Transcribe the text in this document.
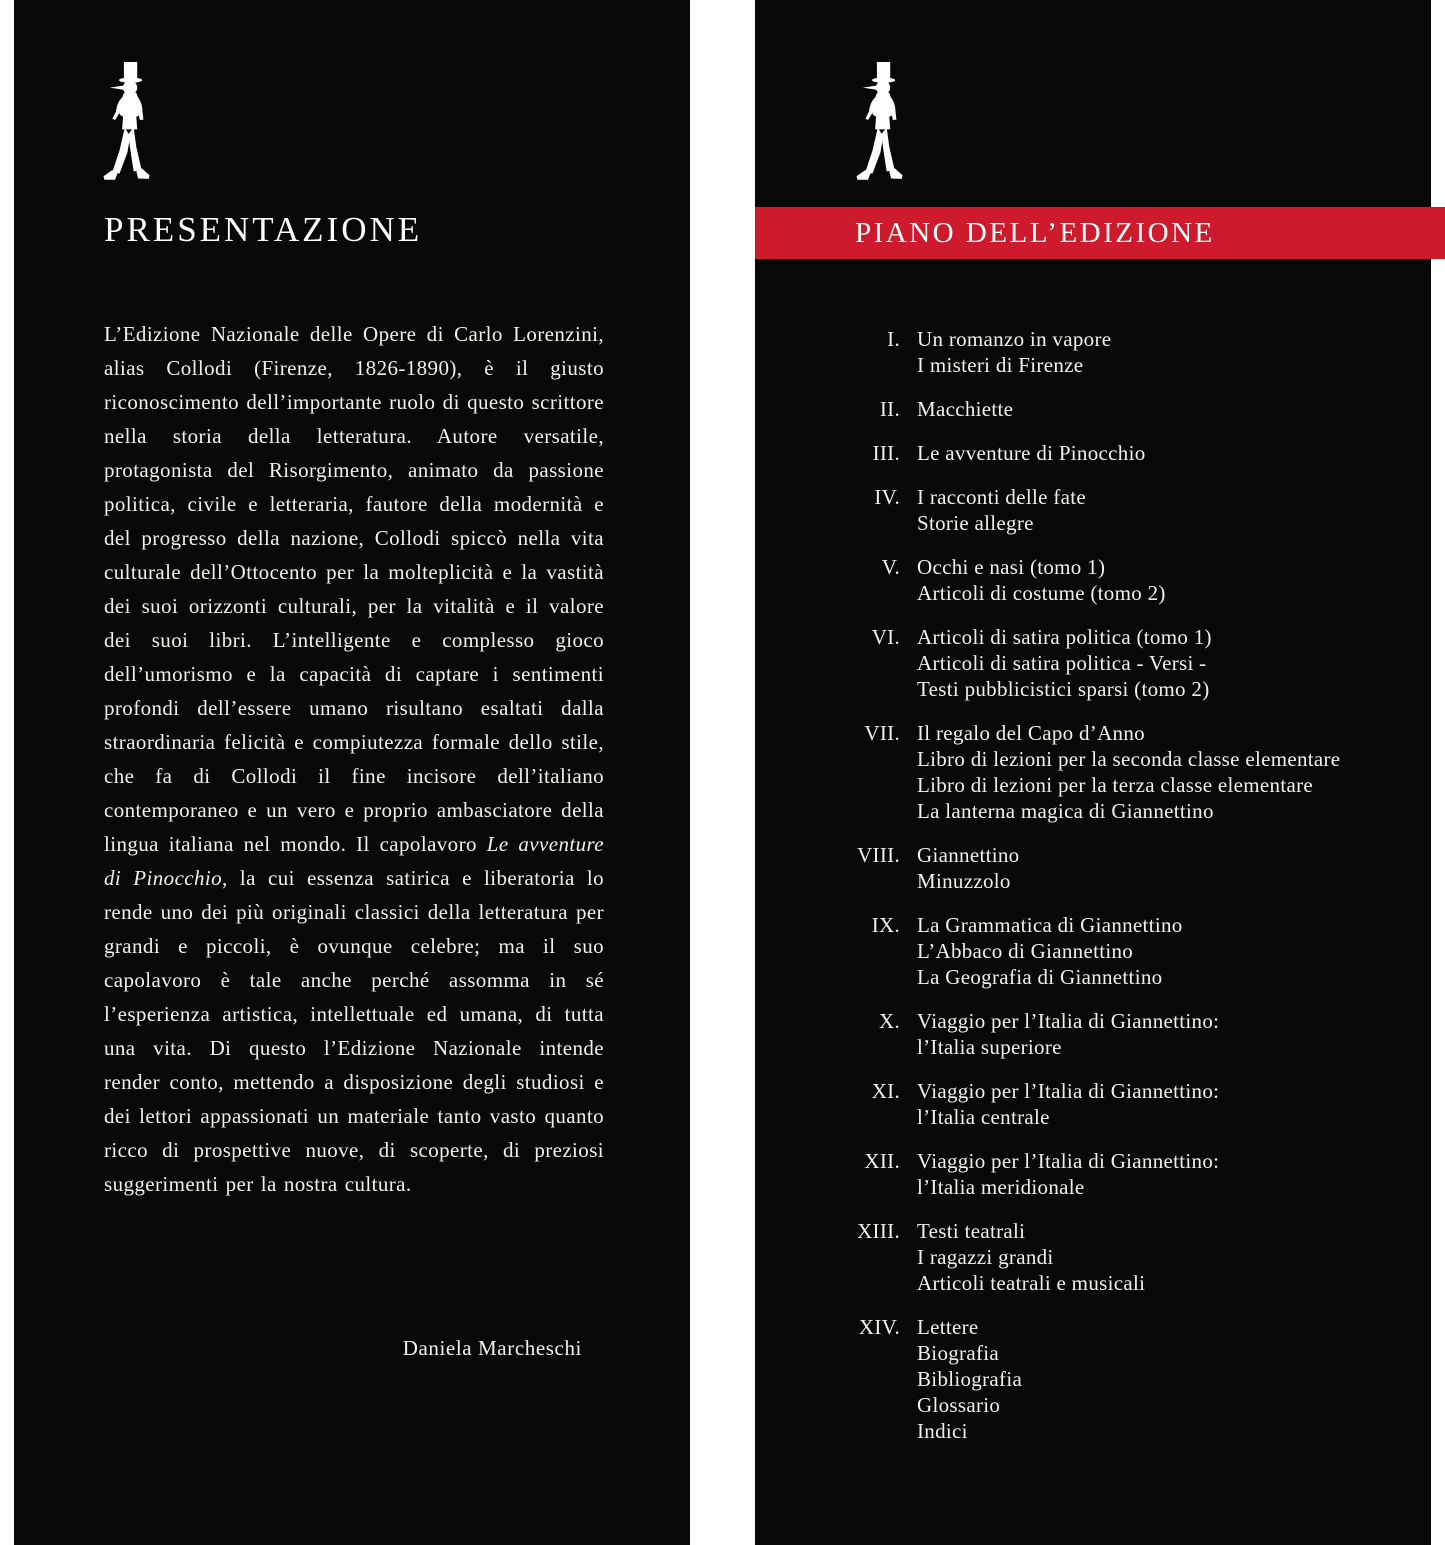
PRESENTAZIONE

L’Edizione Nazionale delle Opere di Carlo Lorenzini, alias Collodi (Firenze, 1826-1890), è il giusto riconoscimento dell’importante ruolo di questo scrittore nella storia della letteratura. Autore versatile, protagonista del Risorgimento, animato da passione politica, civile e letteraria, fautore della modernità e del progresso della nazione, Collodi spiccò nella vita culturale dell’Ottocento per la molteplicità e la vastità dei suoi orizzonti culturali, per la vitalità e il valore dei suoi libri. L’intelligente e complesso gioco dell’umorismo e la capacità di captare i sentimenti profondi dell’essere umano risultano esaltati dalla straordinaria felicità e compiutezza formale dello stile, che fa di Collodi il fine incisore dell’italiano contemporaneo e un vero e proprio ambasciatore della lingua italiana nel mondo. Il capolavoro Le avventure di Pinocchio, la cui essenza satirica e liberatoria lo rende uno dei più originali classici della letteratura per grandi e piccoli, è ovunque celebre; ma il suo capolavoro è tale anche perché assomma in sé l’esperienza artistica, intellettuale ed umana, di tutta una vita. Di questo l’Edizione Nazionale intende render conto, mettendo a disposizione degli studiosi e dei lettori appassionati un materiale tanto vasto quanto ricco di prospettive nuove, di scoperte, di preziosi suggerimenti per la nostra cultura.

Daniela Marcheschi
I. Un romanzo in vapore
I misteri di Firenze
II. Macchiette
III. Le avventure di Pinocchio
IV. I racconti delle fate
Storie allegre
V. Occhi e nasi (tomo 1)
Articoli di costume (tomo 2)
VI. Articoli di satira politica (tomo 1)
Articoli di satira politica - Versi -
Testi pubblicistici sparsi (tomo 2)
VII. Il regalo del Capo d’Anno
Libro di lezioni per la seconda classe elementare
Libro di lezioni per la terza classe elementare
La lanterna magica di Giannettino
VIII. Giannettino
Minuzzolo
IX. La Grammatica di Giannettino
L’Abbaco di Giannettino
La Geografia di Giannettino
X. Viaggio per l’Italia di Giannettino:
l’Italia superiore
XI. Viaggio per l’Italia di Giannettino:
l’Italia centrale
XII. Viaggio per l’Italia di Giannettino:
l’Italia meridionale
XIII. Testi teatrali
I ragazzi grandi
Articoli teatrali e musicali
XIV. Lettere
Biografia
Bibliografia
Glossario
Indici
PIANO DELL’EDIZIONE
